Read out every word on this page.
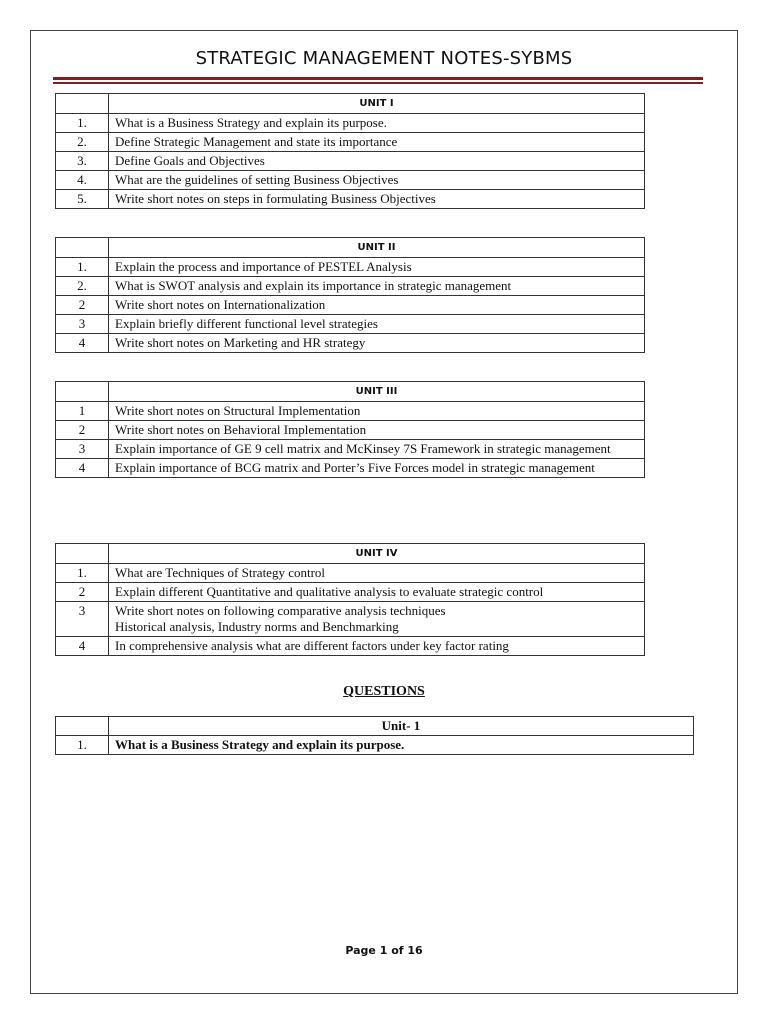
STRATEGIC MANAGEMENT NOTES-SYBMS
	UNIT I
1.	What is a Business Strategy and explain its purpose.
2.	Define Strategic Management and state its importance
3.	Define Goals and Objectives
4.	What are the guidelines of setting Business Objectives
5.	Write short notes on steps in formulating Business Objectives
	UNIT II
1.	Explain the process and importance of PESTEL Analysis
2.	What is SWOT analysis and explain its importance in strategic management
2	Write short notes on Internationalization
3	Explain briefly different functional level strategies
4	Write short notes on Marketing and HR strategy
	UNIT III
1	Write short notes on Structural Implementation
2	Write short notes on Behavioral Implementation
3	Explain importance of GE 9 cell matrix and McKinsey 7S Framework in strategic management
4	Explain importance of BCG matrix and Porter’s Five Forces model in strategic management
	UNIT IV
1.	What are Techniques of Strategy control
2	Explain different Quantitative and qualitative analysis to evaluate strategic control
3	Write short notes on following comparative analysis techniques
Historical analysis, Industry norms and Benchmarking

4	In comprehensive analysis what are different factors under key factor rating
QUESTIONS
	Unit- 1
1.	What is a Business Strategy and explain its purpose.
Page 1 of 16
